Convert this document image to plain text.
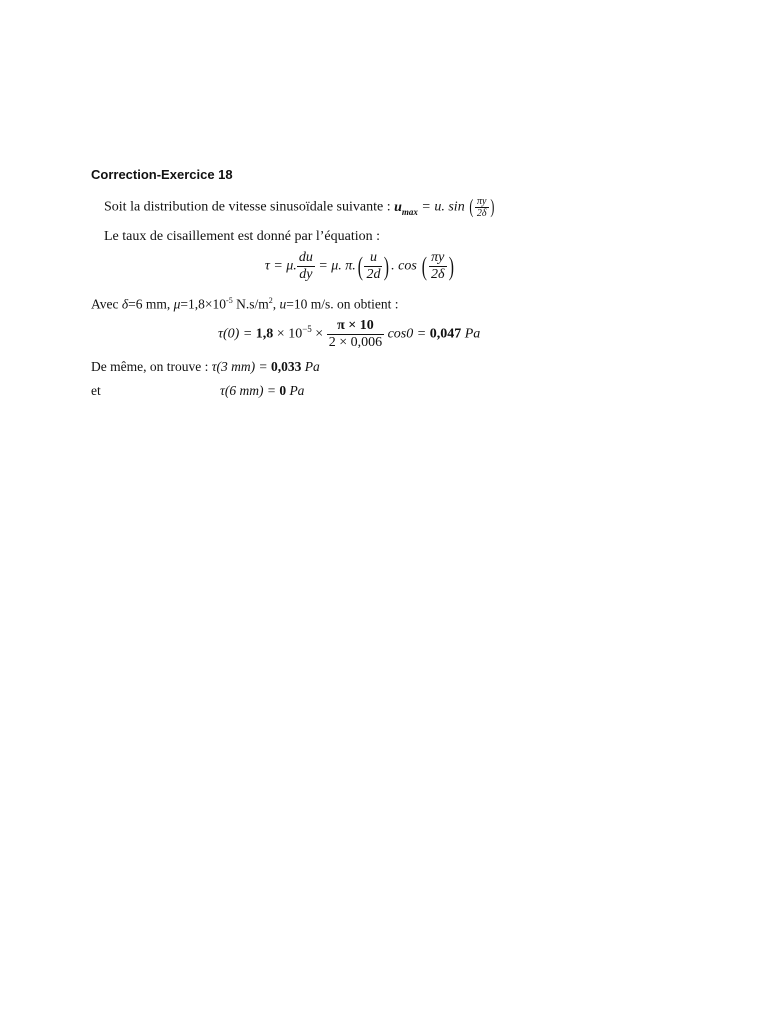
Correction-Exercice 18
Soit la distribution de vitesse sinusoïdale suivante : $u_{max} = u$. sin ( $\frac{\pi y}{2\delta}$ )
Le taux de cisaillement est donné par l’équation :
τ = μ. $\frac{du}{dy} = \mu$. $\pi.( \frac{u}{2d}$ ) . cos ( $\frac{\pi y}{2\delta}$ )
Avec δ=6 mm, $\mu=1,8\times 10^{-5}$ $N.s/m^2$, u=10 m/s. on obtient :
$\tau(0) = 1,8 \times 10^{-5} \times \frac{\pi \times 10}{2 \times 0,006} \cos 0 = 0,047$ Pa
De même, on trouve : τ(3 mm) = 0,033 Pa
et	τ(6 mm) = 0 Pa
